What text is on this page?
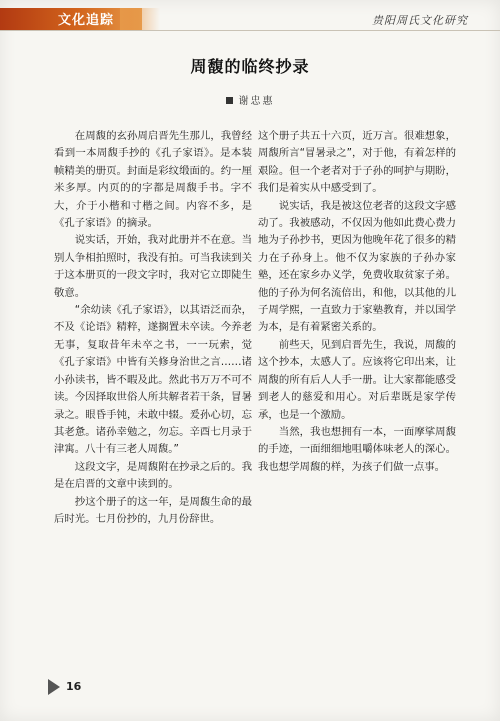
文化追踪	贵阳周氏文化研究
周馥的临终抄录
谢忠惠

在周馥的玄孙周启晋先生那儿，我曾经看到一本周馥手抄的《孔子家语》。是本装帧精美的册页。封面是彩纹缎面的。约一厘米多厚。内页的的字都是周馥手书。字不大，介于小楷和寸楷之间。内容不多，是《孔子家语》的摘录。

说实话，开始，我对此册并不在意。当别人争相拍照时，我没有拍。可当我读到关于这本册页的一段文字时，我对它立即陡生敬意。

“余幼读《孔子家语》，以其语泛而杂，不及《论语》精粹，遂搁置未卒读。今养老无事，复取昔年未卒之书，一一玩索，觉《孔子家语》中皆有关修身治世之言……诸小孙读书，皆不暇及此。然此书万万不可不读。今因择取世俗人所共解者若干条，冒暑录之。眼昏手钝，未敢中辍。爰孙心切，忘其老惫。诸孙幸勉之，勿忘。辛酉七月录于津寓。八十有三老人周馥。”

这段文字，是周馥附在抄录之后的。我是在启晋的文章中读到的。

抄这个册子的这一年，是周馥生命的最后时光。七月份抄的，九月份辞世。

这个册子共五十六页，近万言。很难想象，周馥所言“冒暑录之”，对于他，有着怎样的艰险。但一个老者对于子孙的呵护与期盼，我们是着实从中感受到了。

说实话，我是被这位老者的这段文字感动了。我被感动，不仅因为他如此费心费力地为子孙抄书，更因为他晚年花了很多的精力在子孙身上。他不仅为家族的子孙办家塾，还在家乡办义学，免费收取贫家子弟。他的子孙为何名流倍出，和他，以其他的儿子周学熙，一直致力于家塾教育，并以国学为本，是有着紧密关系的。

前些天，见到启晋先生，我说，周馥的这个抄本，太感人了。应该将它印出来，让周馥的所有后人人手一册。让大家都能感受到老人的慈爱和用心。对后辈既是家学传承，也是一个激励。

当然，我也想拥有一本，一面摩挲周馥的手迹，一面细细地咀嚼体味老人的深心。我也想学周馥的样，为孩子们做一点事。

16
